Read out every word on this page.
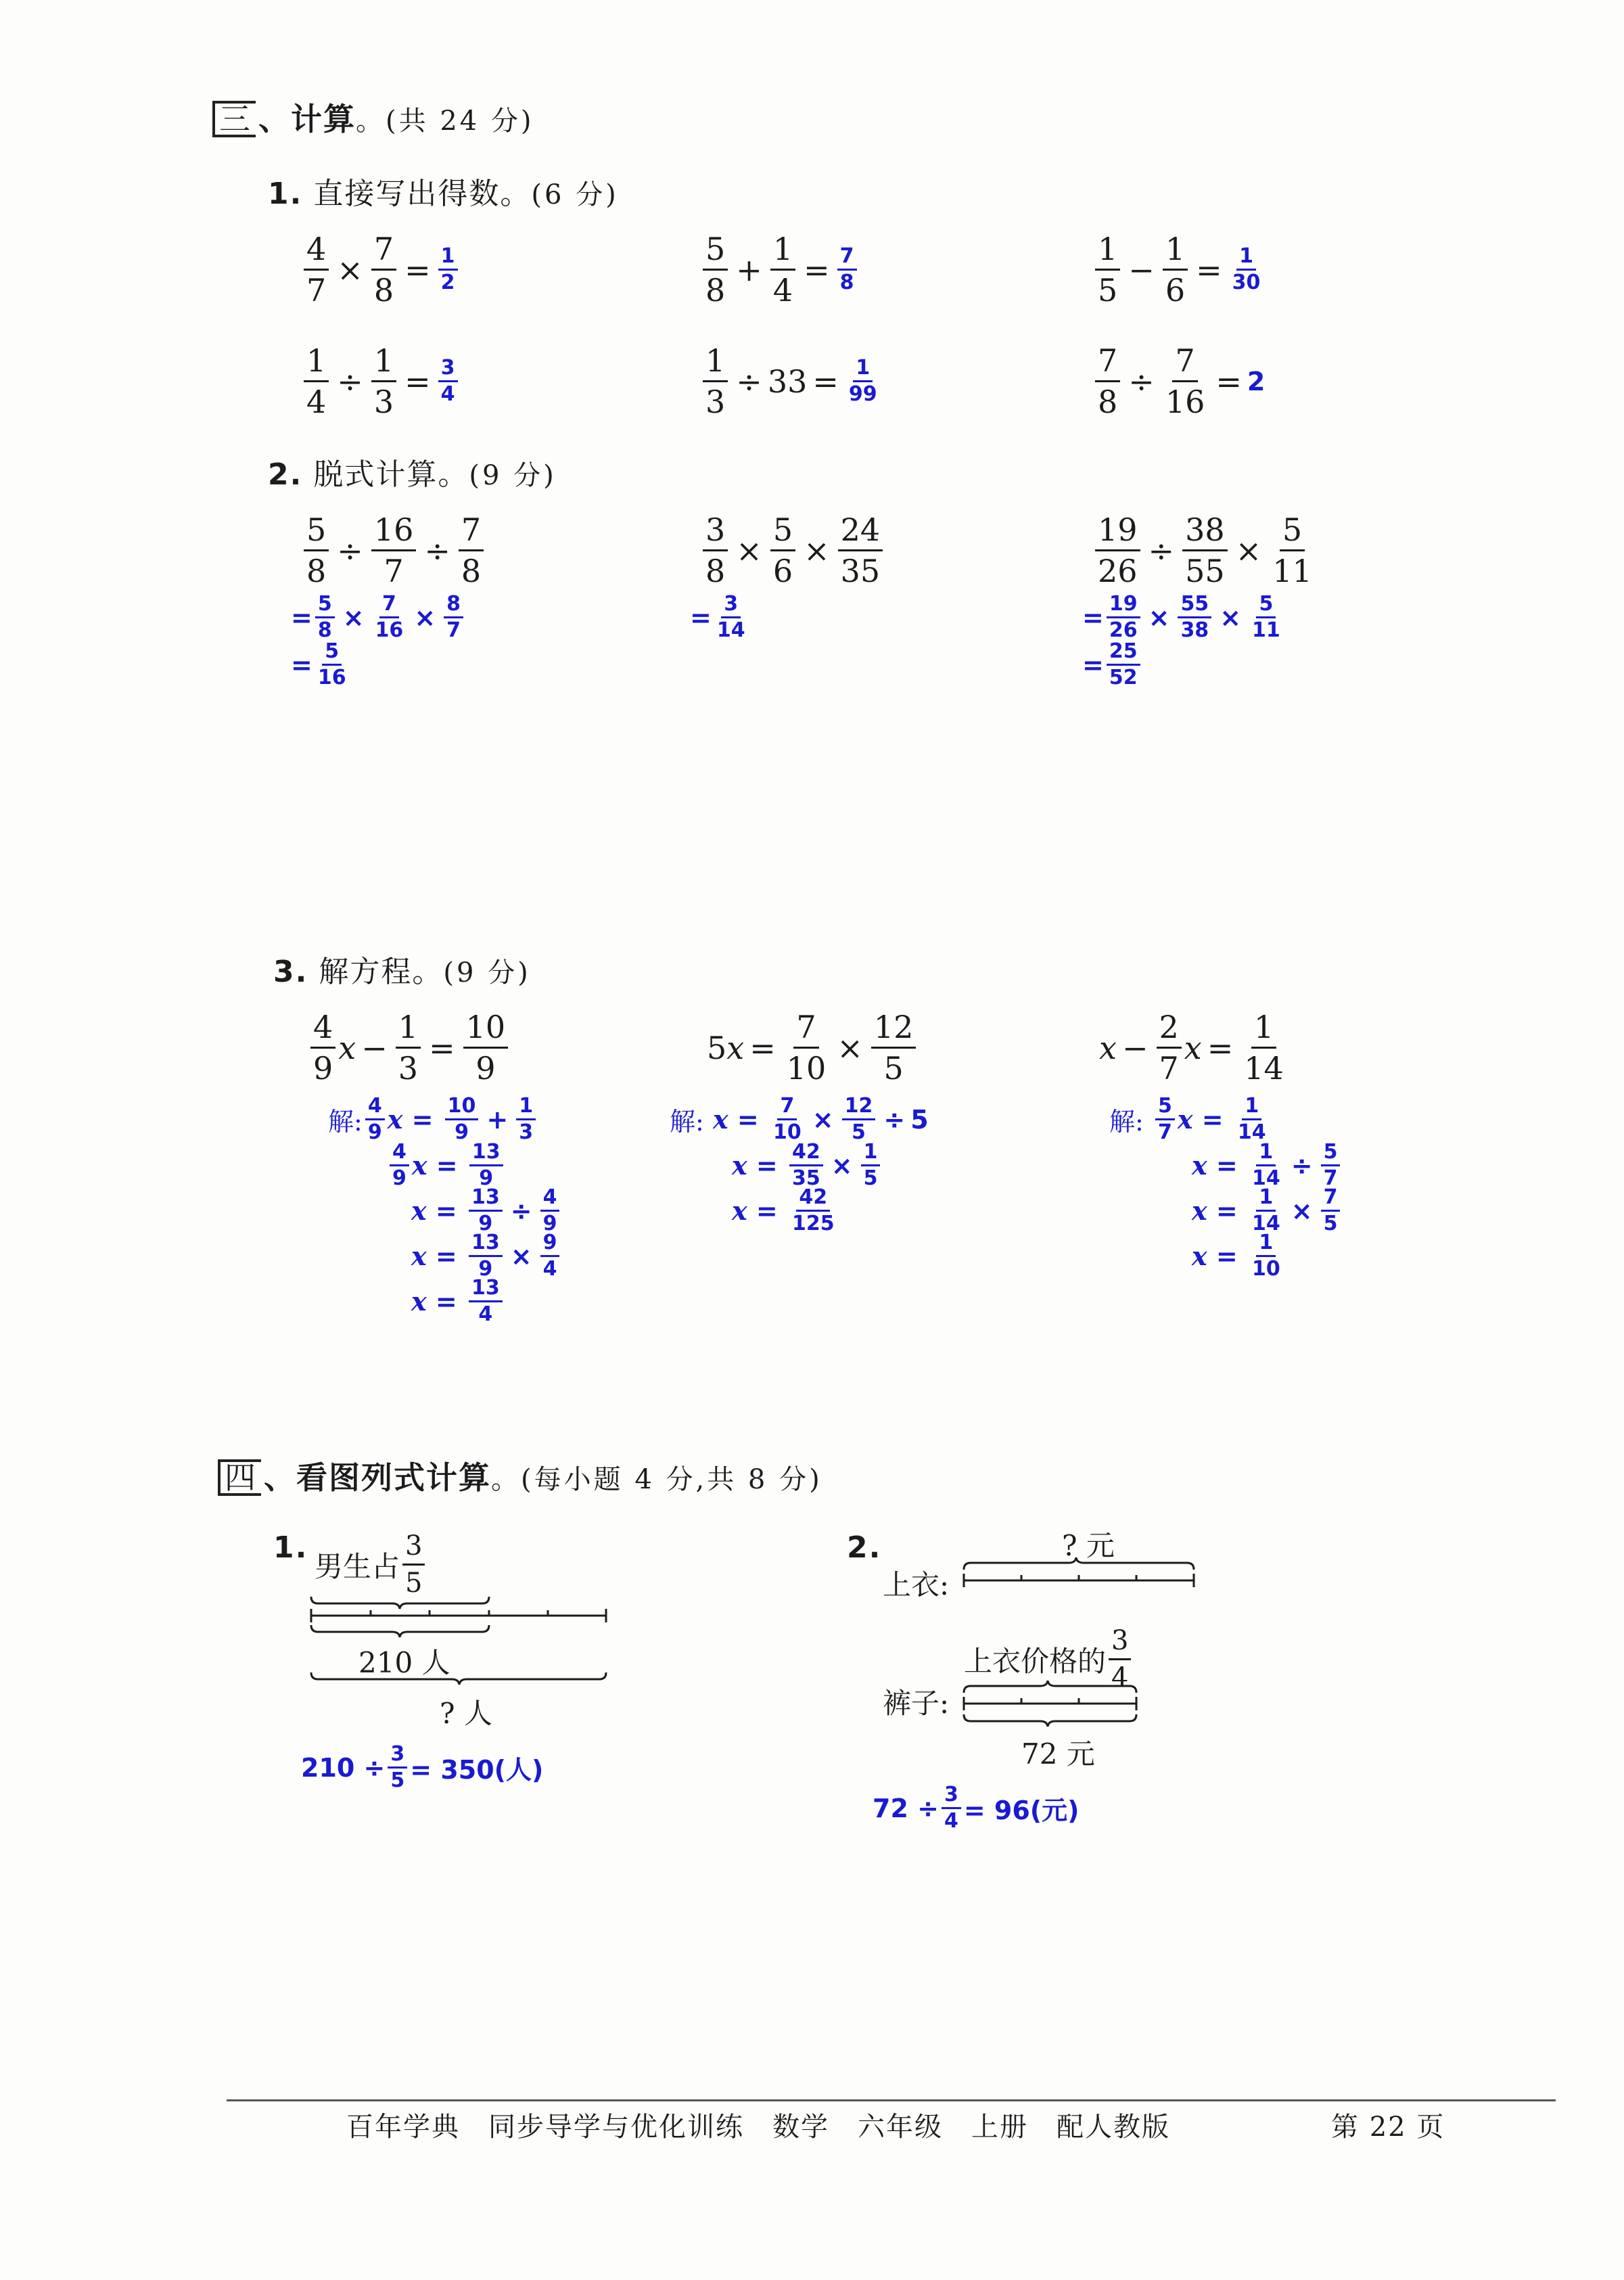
三 、计算。(共 24 分)
1. 直接写出得数。(6 分)
$\frac{4}{7} \times \frac{7}{8} = \frac{1}{2}$	$\frac{5}{8} + \frac{1}{4} = \frac{7}{8}$	$\frac{1}{5} - \frac{1}{6} = \frac{1}{30}$
$\frac{1}{4} \div \frac{1}{3} = \frac{3}{4}$	$\frac{1}{3} \div 33 = \frac{1}{99}$	$\frac{7}{8} \div \frac{7}{16} = 2$
2. 脱式计算。(9 分)
$\frac{5}{8} \div \frac{16}{7} \div \frac{7}{8}$
= $\frac{5}{8} \times \frac{7}{16} \times \frac{8}{7}$
= $\frac{5}{16}$
$\frac{3}{8} \times \frac{5}{6} \times \frac{24}{35}$
= $\frac{3}{14}$
$\frac{19}{26} \div \frac{38}{55} \times \frac{5}{11}$
= $\frac{19}{26} \times \frac{55}{38} \times \frac{5}{11}$
= $\frac{25}{52}$
3. 解方程。(9 分)
$\frac{4}{9}$ $x - \frac{1}{3} = \frac{10}{9}$
解: $\frac{4}{9}$ $x = \frac{10}{9} + \frac{1}{3}$
$\frac{4}{9}$ $x = \frac{13}{9}$
$x = \frac{13}{9} \div \frac{4}{9}$
$x = \frac{13}{9} \times \frac{9}{4}$
$x = \frac{13}{4}$
5 $x = \frac{7}{10} \times \frac{12}{5}$
解:
$x = \frac{7}{10} \times \frac{12}{5} \div 5$
$x = \frac{42}{35} \times \frac{1}{5}$
$x = \frac{42}{125}$
$x - \frac{2}{7}$ $x = \frac{1}{14}$
解:
$\frac{5}{7}$ $x = \frac{1}{14}$
$x = \frac{1}{14} \div \frac{5}{7}$
$x = \frac{1}{14} \times \frac{7}{5}$
$x = \frac{1}{10}$
四 、看图列式计算。(每小题 4 分,共 8 分)
1.
男生占 $\frac{3}{5}$
210 人
? 人
$210 \div \frac{3}{5} = 350$(人)
2.	? 元
上衣:
上衣价格的 $\frac{3}{4}$
裤子:
72 元
$72 \div \frac{3}{4} = 96$(元)
百年学典　同步导学与优化训练　数学　六年级　上册　配人教版	第 22 页
